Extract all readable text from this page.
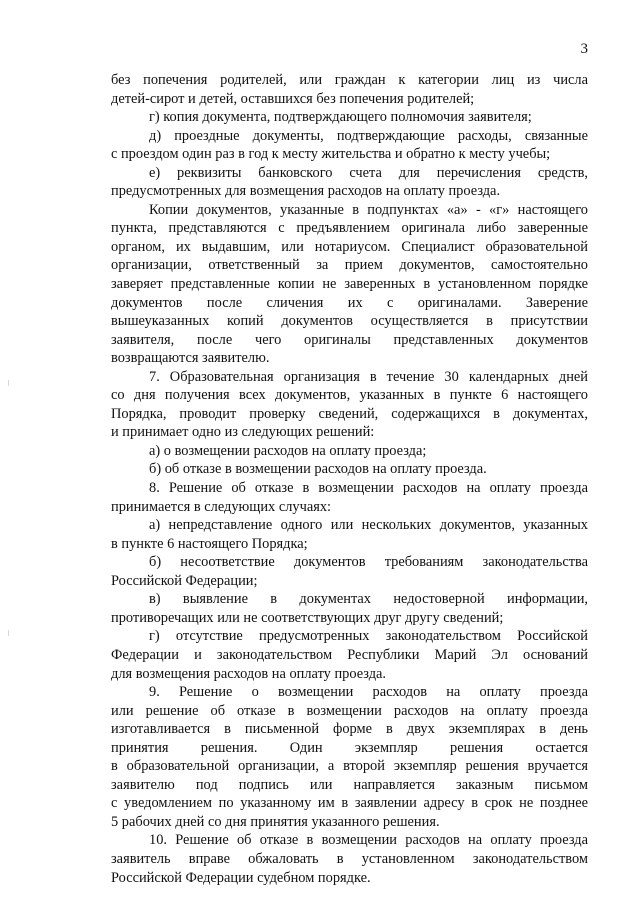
3

без попечения родителей, или граждан к категории лиц из числа
детей-сирот и детей, оставшихся без попечения родителей;

г) копия документа, подтверждающего полномочия заявителя;

д) проездные документы, подтверждающие расходы, связанные
с проездом один раз в год к месту жительства и обратно к месту учебы;

е) реквизиты банковского счета для перечисления средств,
предусмотренных для возмещения расходов на оплату проезда.

Копии документов, указанные в подпунктах «а» - «г» настоящего
пункта, представляются с предъявлением оригинала либо заверенные
органом, их выдавшим, или нотариусом. Специалист образовательной
организации, ответственный за прием документов, самостоятельно
заверяет представленные копии не заверенных в установленном порядке
документов после сличения их с оригиналами. Заверение
вышеуказанных копий документов осуществляется в присутствии
заявителя, после чего оригиналы представленных документов
возвращаются заявителю.

7. Образовательная организация в течение 30 календарных дней
со дня получения всех документов, указанных в пункте 6 настоящего
Порядка, проводит проверку сведений, содержащихся в документах,
и принимает одно из следующих решений:

а) о возмещении расходов на оплату проезда;

б) об отказе в возмещении расходов на оплату проезда.

8. Решение об отказе в возмещении расходов на оплату проезда
принимается в следующих случаях:

а) непредставление одного или нескольких документов, указанных
в пункте 6 настоящего Порядка;

б) несоответствие документов требованиям законодательства
Российской Федерации;

в) выявление в документах недостоверной информации,
противоречащих или не соответствующих друг другу сведений;

г) отсутствие предусмотренных законодательством Российской
Федерации и законодательством Республики Марий Эл оснований
для возмещения расходов на оплату проезда.

9. Решение о возмещении расходов на оплату проезда
или решение об отказе в возмещении расходов на оплату проезда
изготавливается в письменной форме в двух экземплярах в день
принятия решения. Один экземпляр решения остается
в образовательной организации, а второй экземпляр решения вручается
заявителю под подпись или направляется заказным письмом
с уведомлением по указанному им в заявлении адресу в срок не позднее
5 рабочих дней со дня принятия указанного решения.

10. Решение об отказе в возмещении расходов на оплату проезда
заявитель вправе обжаловать в установленном законодательством
Российской Федерации судебном порядке.
